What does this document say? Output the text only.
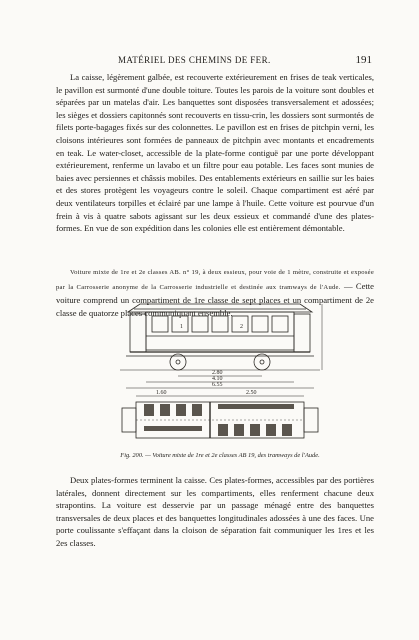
MATÉRIEL DES CHEMINS DE FER.	191

La caisse, légèrement galbée, est recouverte extérieurement en frises de teak verticales, le pavillon est surmonté d'une double toiture. Toutes les parois de la voiture sont doubles et séparées par un matelas d'air. Les banquettes sont disposées transversalement et adossées; les sièges et dossiers capitonnés sont recouverts en tissu-crin, les dossiers sont surmontés de filets porte-bagages fixés sur des colonnettes. Le pavillon est en frises de pitchpin verni, les cloisons intérieures sont formées de panneaux de pitchpin avec montants et encadrements en teak. Le water-closet, accessible de la plate-forme contiguë par une porte développant extérieurement, renferme un lavabo et un filtre pour eau potable. Les faces sont munies de baies avec persiennes et châssis mobiles. Des entablements extérieurs en saillie sur les baies et des stores protègent les voyageurs contre le soleil. Chaque compartiment est aéré par deux ventilateurs torpilles et éclairé par une lampe à l'huile. Cette voiture est pourvue d'un frein à vis à quatre sabots agissant sur les deux essieux et commandé d'une des plates-formes. En vue de son expédition dans les colonies elle est entièrement démontable.

Voiture mixte de 1re et 2e classes AB. n° 19, à deux essieux, pour voie de 1 mètre, construite et exposée par la Carrosserie anonyme de la Carrosserie industrielle et destinée aux tramways de l'Aude. — Cette voiture comprend un compartiment de 1re classe de sept places et un compartiment de 2e classe de quatorze places communiquant ensemble.

1	2
2.80
4.10
6.55
1.60	2.50

Fig. 200. — Voiture mixte de 1re et 2e classes AB 19, des tramways de l'Aude.

Deux plates-formes terminent la caisse. Ces plates-formes, accessibles par des portières latérales, donnent directement sur les compartiments, elles renferment chacune deux strapontins. La voiture est desservie par un passage ménagé entre des banquettes transversales de deux places et des banquettes longitudinales adossées à une des faces. Une porte coulissante s'effaçant dans la cloison de séparation fait communiquer les 1res et les 2es classes.
